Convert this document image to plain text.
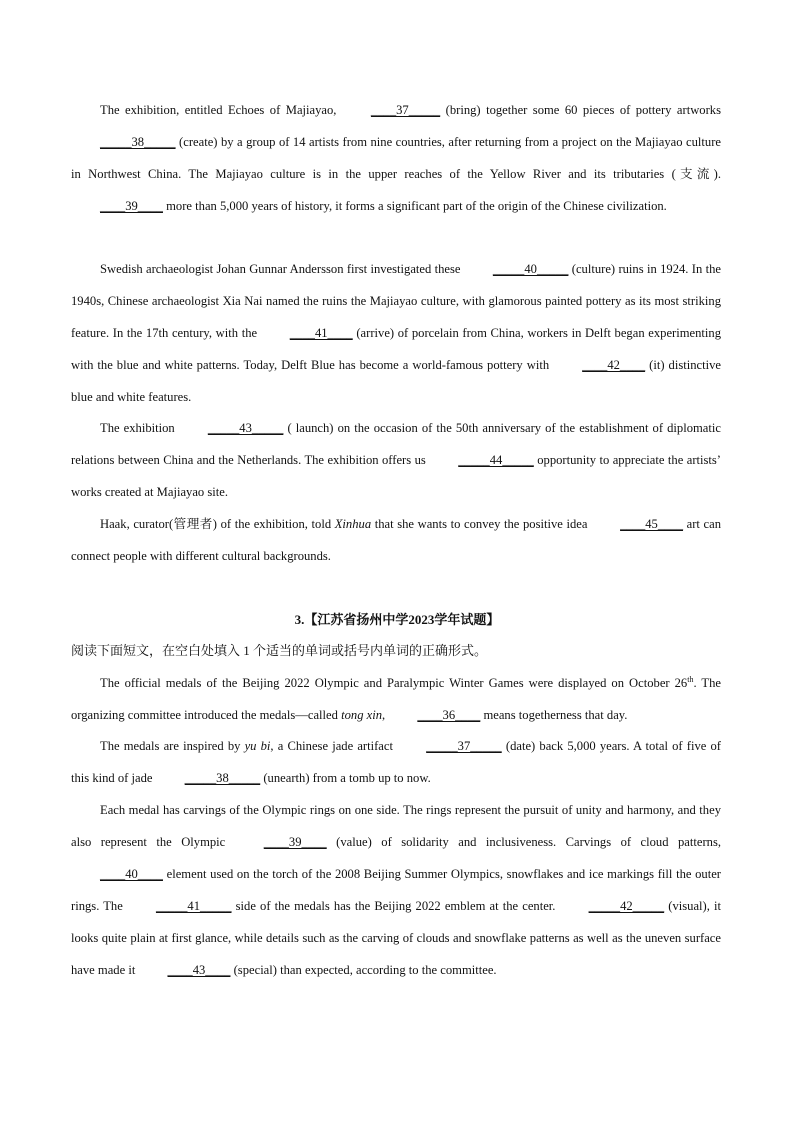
The exhibition, entitled Echoes of Majiayao, ____37_____ (bring) together some 60 pieces of pottery artworks _____38_____ (create) by a group of 14 artists from nine countries, after returning from a project on the Majiayao culture in Northwest China. The Majiayao culture is in the upper reaches of the Yellow River and its tributaries (支流). ____39____ more than 5,000 years of history, it forms a significant part of the origin of the Chinese civilization.

Swedish archaeologist Johan Gunnar Andersson first investigated these _____40_____ (culture) ruins in 1924. In the 1940s, Chinese archaeologist Xia Nai named the ruins the Majiayao culture, with glamorous painted pottery as its most striking feature. In the 17th century, with the ____41____ (arrive) of porcelain from China, workers in Delft began experimenting with the blue and white patterns. Today, Delft Blue has become a world-famous pottery with ____42____ (it) distinctive blue and white features.

The exhibition _____43_____ ( launch) on the occasion of the 50th anniversary of the establishment of diplomatic relations between China and the Netherlands. The exhibition offers us _____44_____ opportunity to appreciate the artists’ works created at Majiayao site.

Haak, curator(管理者) of the exhibition, told Xinhua that she wants to convey the positive idea ____45____ art can connect people with different cultural backgrounds.

3.【江苏省扬州中学2023学年试题】

阅读下面短文，在空白处填入 1 个适当的单词或括号内单词的正确形式。

The official medals of the Beijing 2022 Olympic and Paralympic Winter Games were displayed on October 26th. The organizing committee introduced the medals—called tong xin, ____36____ means togetherness that day.

The medals are inspired by yu bi, a Chinese jade artifact _____37_____ (date) back 5,000 years. A total of five of this kind of jade _____38_____ (unearth) from a tomb up to now.

Each medal has carvings of the Olympic rings on one side. The rings represent the pursuit of unity and harmony, and they also represent the Olympic ____39____ (value) of solidarity and inclusiveness. Carvings of cloud patterns, ____40____ element used on the torch of the 2008 Beijing Summer Olympics, snowflakes and ice markings fill the outer rings. The _____41_____ side of the medals has the Beijing 2022 emblem at the center. _____42_____ (visual), it looks quite plain at first glance, while details such as the carving of clouds and snowflake patterns as well as the uneven surface have made it ____43____ (special) than expected, according to the committee.
